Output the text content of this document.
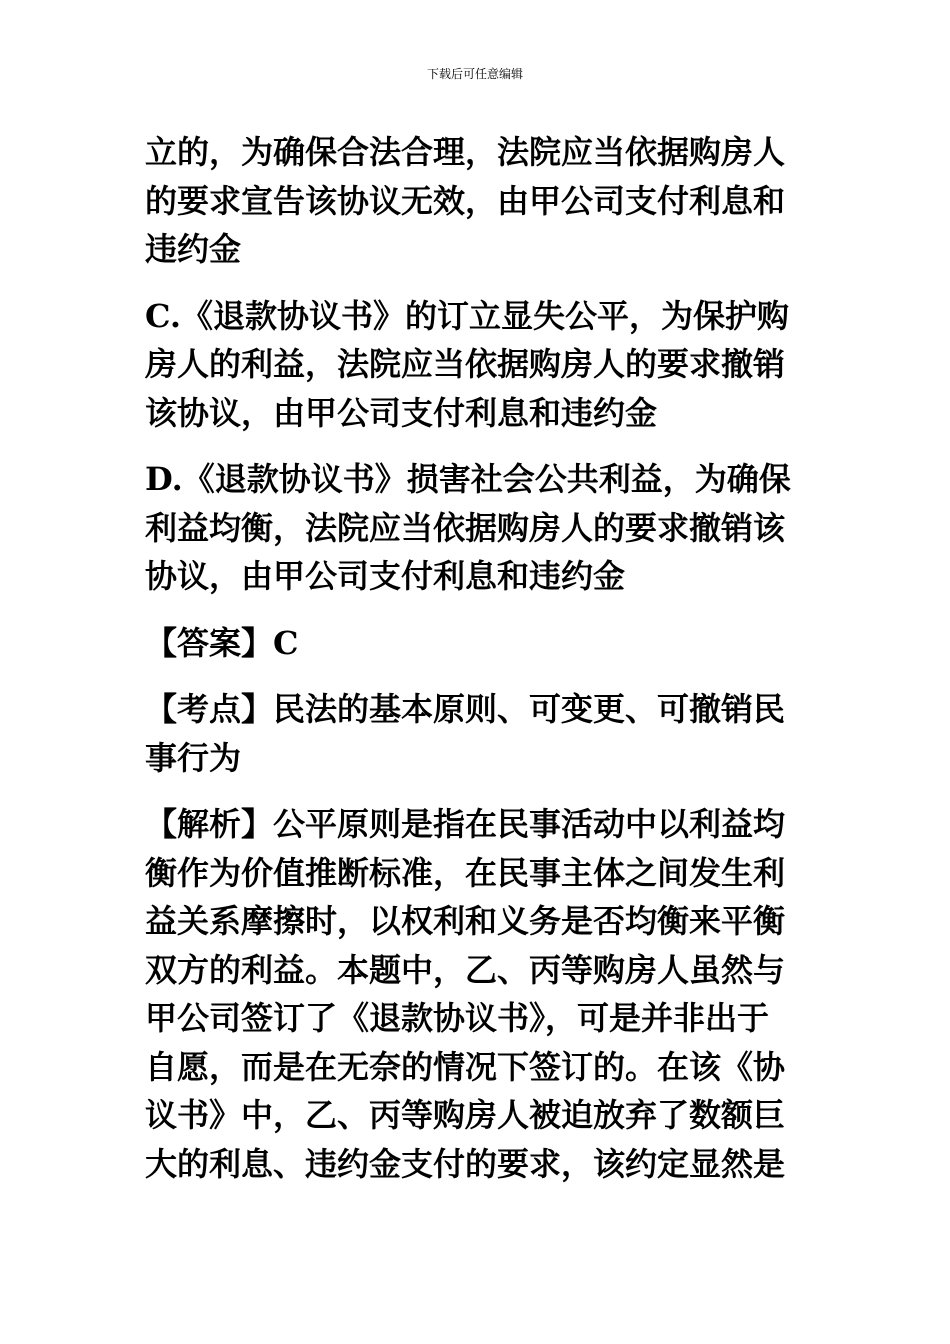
下载后可任意编辑
立的，为确保合法合理，法院应当依据购房人
的要求宣告该协议无效，由甲公司支付利息和
违约金
C.《退款协议书》的订立显失公平，为保护购
房人的利益，法院应当依据购房人的要求撤销
该协议，由甲公司支付利息和违约金
D.《退款协议书》损害社会公共利益，为确保
利益均衡，法院应当依据购房人的要求撤销该
协议，由甲公司支付利息和违约金
【答案】C
【考点】民法的基本原则、可变更、可撤销民
事行为
【解析】公平原则是指在民事活动中以利益均
衡作为价值推断标准，在民事主体之间发生利
益关系摩擦时，以权利和义务是否均衡来平衡
双方的利益。本题中，乙、丙等购房人虽然与
甲公司签订了《退款协议书》，可是并非出于
自愿，而是在无奈的情况下签订的。在该《协
议书》中，乙、丙等购房人被迫放弃了数额巨
大的利息、违约金支付的要求，该约定显然是
